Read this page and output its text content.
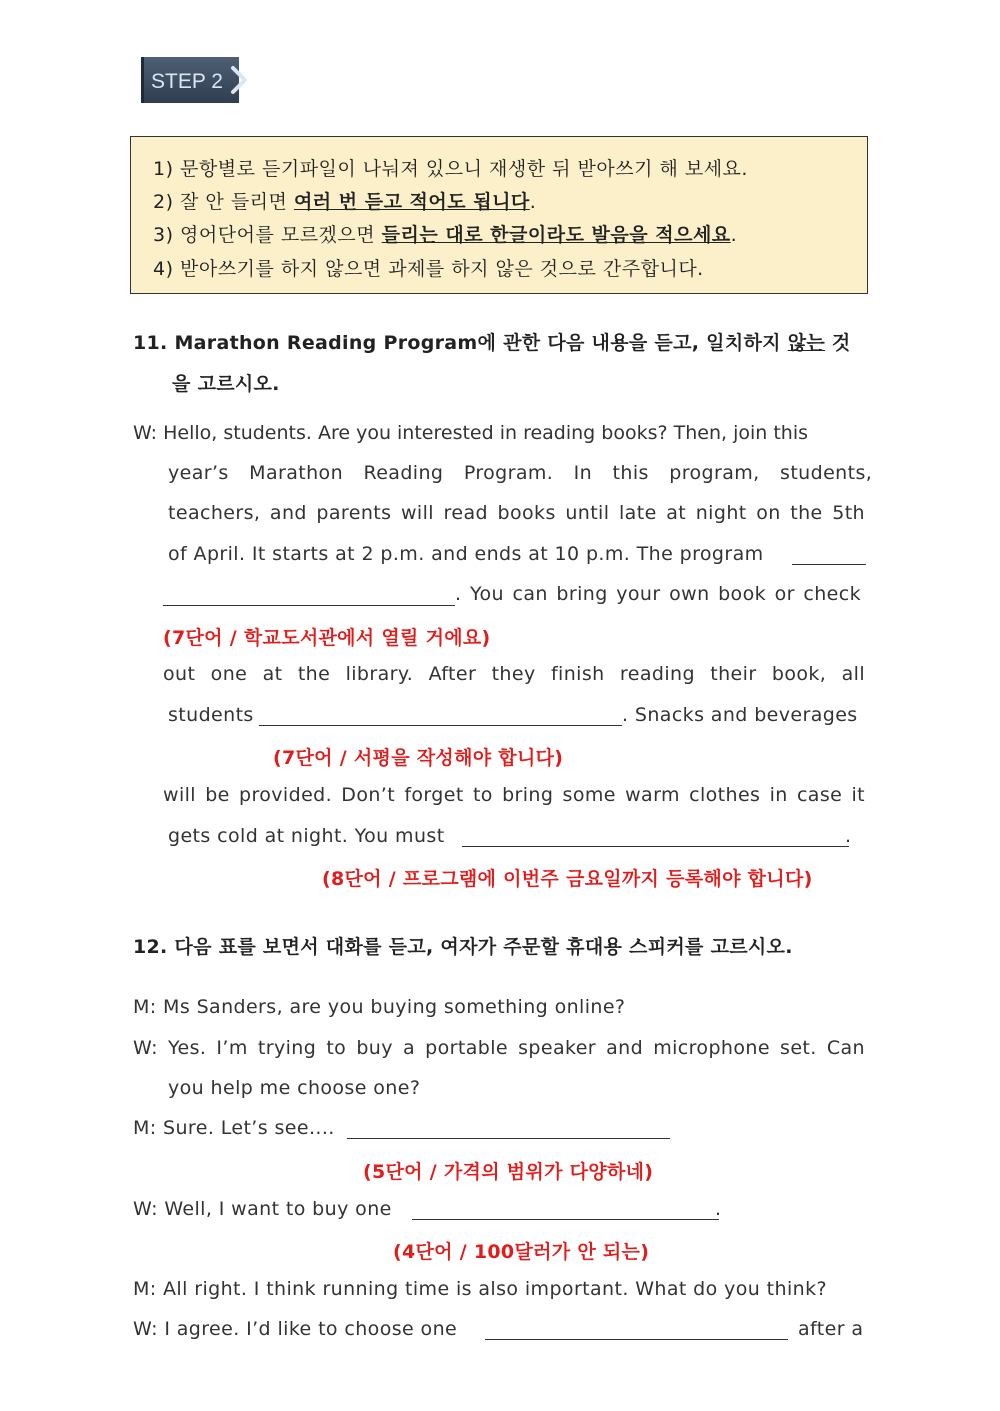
STEP 2
1) 문항별로 듣기파일이 나눠져 있으니 재생한 뒤 받아쓰기 해 보세요.
2) 잘 안 들리면 여러 번 듣고 적어도 됩니다.
3) 영어단어를 모르겠으면 들리는 대로 한글이라도 발음을 적으세요.
4) 받아쓰기를 하지 않으면 과제를 하지 않은 것으로 간주합니다.
11. Marathon Reading Program에 관한 다음 내용을 듣고, 일치하지 않는 것
을 고르시오.
W: Hello, students. Are you interested in reading books? Then, join this
year’s Marathon Reading Program. In this program, students,
teachers, and parents will read books until late at night on the 5th
of April. It starts at 2 p.m. and ends at 10 p.m. The program
. You can bring your own book or check
(7단어 / 학교도서관에서 열릴 거에요)
out one at the library. After they finish reading their book, all
students	. Snacks and beverages
(7단어 / 서평을 작성해야 합니다)
will be provided. Don’t forget to bring some warm clothes in case it
gets cold at night. You must	.
(8단어 / 프로그램에 이번주 금요일까지 등록해야 합니다)
12. 다음 표를 보면서 대화를 듣고, 여자가 주문할 휴대용 스피커를 고르시오.
M: Ms Sanders, are you buying something online?
W: Yes. I’m trying to buy a portable speaker and microphone set. Can
you help me choose one?
M: Sure. Let’s see....
(5단어 / 가격의 범위가 다양하네)
W: Well, I want to buy one	.
(4단어 / 100달러가 안 되는)
M: All right. I think running time is also important. What do you think?
W: I agree. I’d like to choose one	after a
